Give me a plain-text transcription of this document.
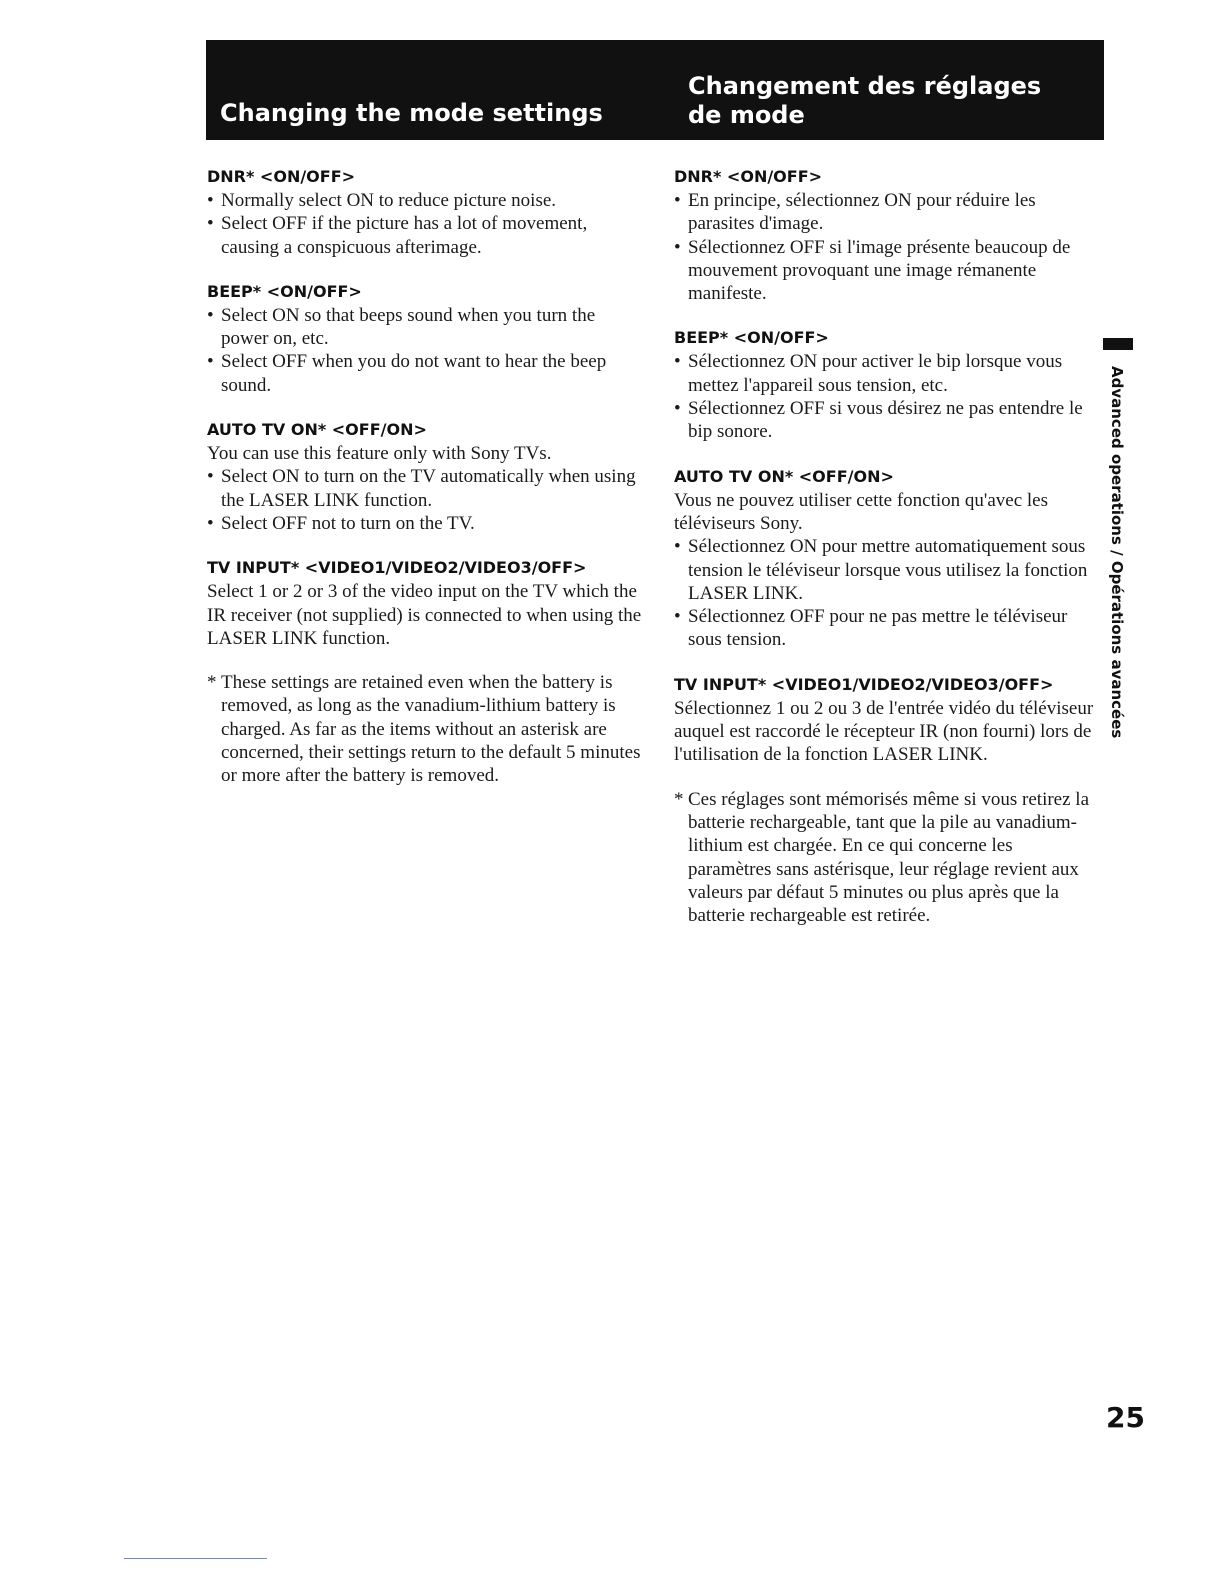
Changing the mode settings
Changement des réglages
de mode
DNR* <ON/OFF>
• Normally select ON to reduce picture noise.
• Select OFF if the picture has a lot of movement, causing a conspicuous afterimage.
BEEP* <ON/OFF>
• Select ON so that beeps sound when you turn the power on, etc.
• Select OFF when you do not want to hear the beep sound.
AUTO TV ON* <OFF/ON>

You can use this feature only with Sony TVs.

• Select ON to turn on the TV automatically when using the LASER LINK function.
• Select OFF not to turn on the TV.
TV INPUT* <VIDEO1/VIDEO2/VIDEO3/OFF>

Select 1 or 2 or 3 of the video input on the TV which the IR receiver (not supplied) is connected to when using the LASER LINK function.

* These settings are retained even when the battery is removed, as long as the vanadium-lithium battery is charged. As far as the items without an asterisk are concerned, their settings return to the default 5 minutes or more after the battery is removed.
DNR* <ON/OFF>
• En principe, sélectionnez ON pour réduire les parasites d'image.
• Sélectionnez OFF si l'image présente beaucoup de mouvement provoquant une image rémanente manifeste.
BEEP* <ON/OFF>
• Sélectionnez ON pour activer le bip lorsque vous mettez l'appareil sous tension, etc.
• Sélectionnez OFF si vous désirez ne pas entendre le bip sonore.
AUTO TV ON* <OFF/ON>

Vous ne pouvez utiliser cette fonction qu'avec les téléviseurs Sony.

• Sélectionnez ON pour mettre automatiquement sous tension le téléviseur lorsque vous utilisez la fonction LASER LINK.
• Sélectionnez OFF pour ne pas mettre le téléviseur sous tension.
TV INPUT* <VIDEO1/VIDEO2/VIDEO3/OFF>

Sélectionnez 1 ou 2 ou 3 de l'entrée vidéo du téléviseur auquel est raccordé le récepteur IR (non fourni) lors de l'utilisation de la fonction LASER LINK.

* Ces réglages sont mémorisés même si vous retirez la batterie rechargeable, tant que la pile au vanadium-lithium est chargée. En ce qui concerne les paramètres sans astérisque, leur réglage revient aux valeurs par défaut 5 minutes ou plus après que la batterie rechargeable est retirée.
Advanced operations / Opérations avancées
25
